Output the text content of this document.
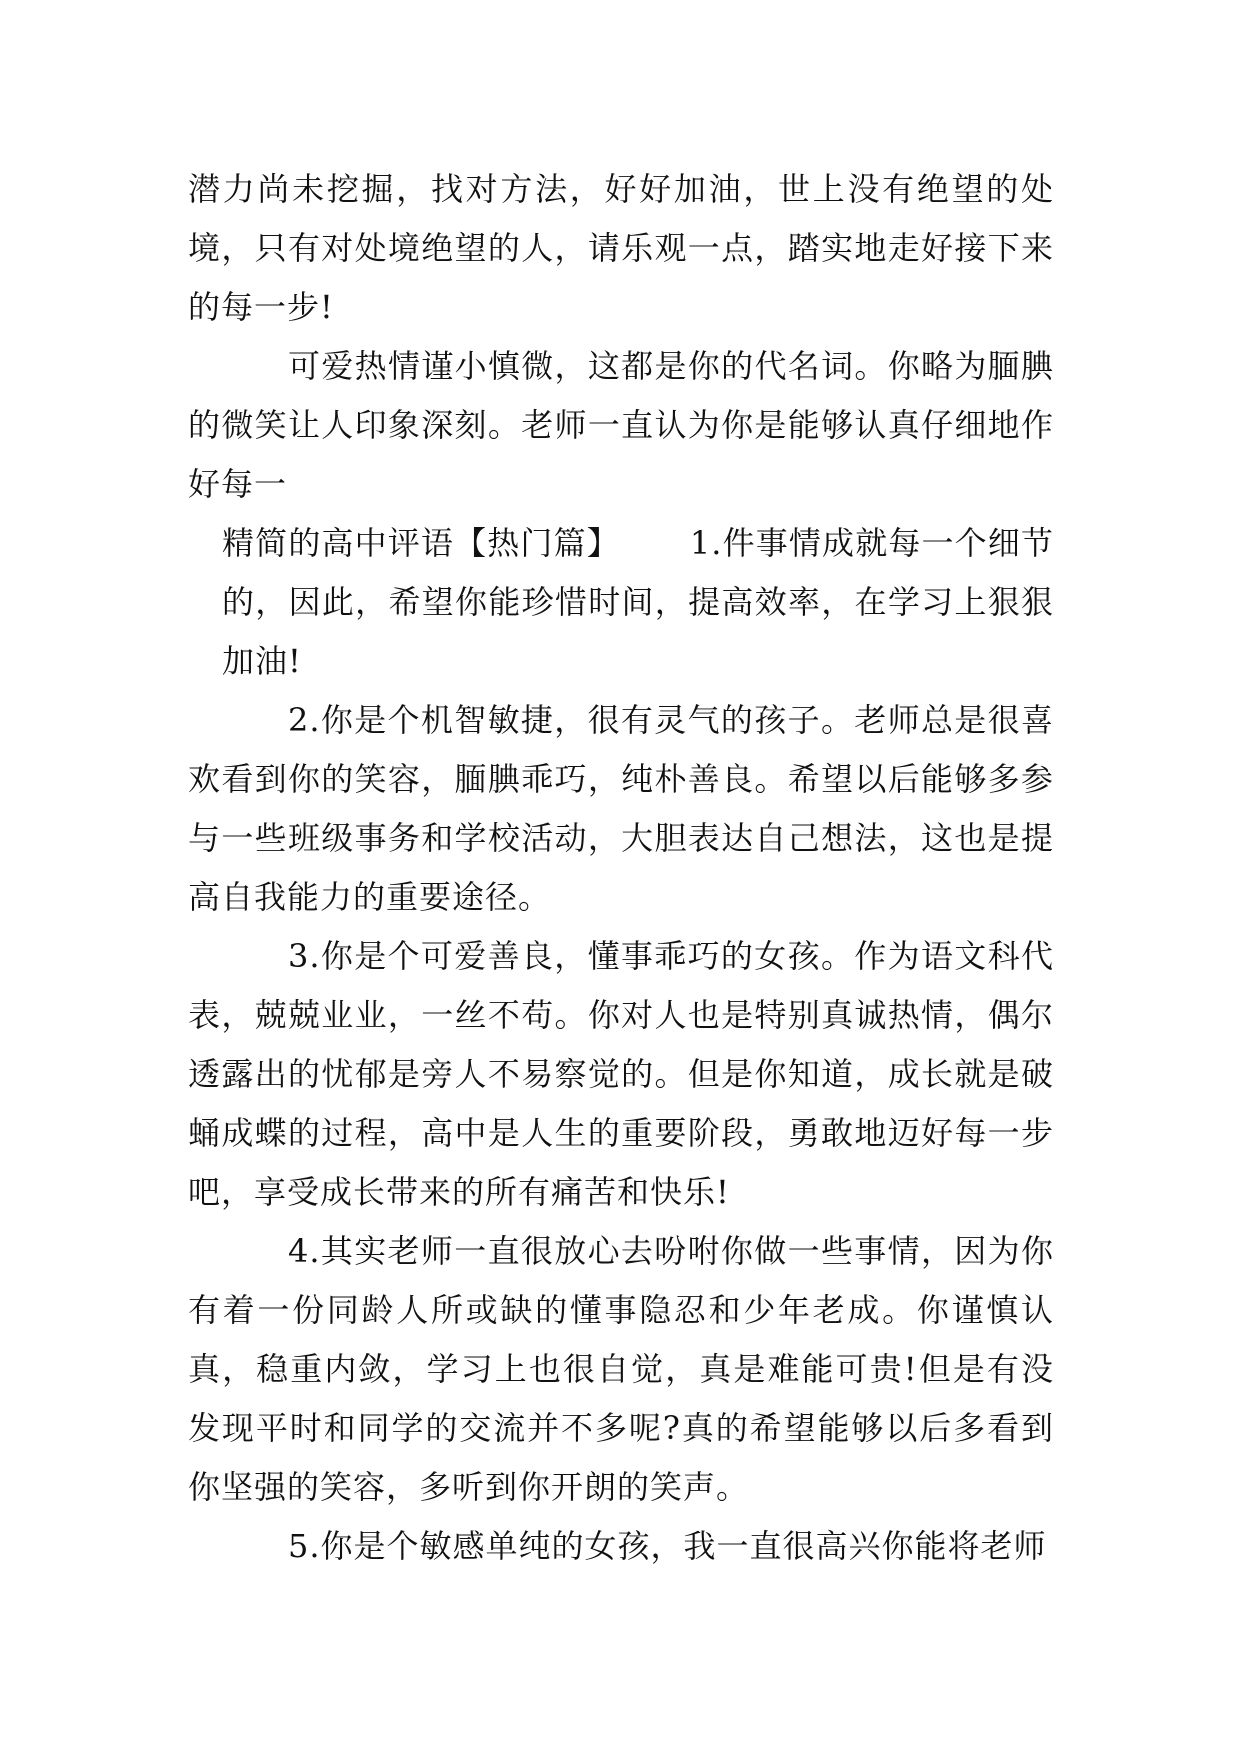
潜力尚未挖掘，找对方法，好好加油，世上没有绝望的处境，只有对处境绝望的人，请乐观一点，踏实地走好接下来的每一步!

可爱热情谨小慎微，这都是你的代名词。你略为腼腆的微笑让人印象深刻。老师一直认为你是能够认真仔细地作好每一

精简的高中评语【热门篇】 1.件事情成就每一个细节的，因此，希望你能珍惜时间，提高效率，在学习上狠狠加油!

2.你是个机智敏捷，很有灵气的孩子。老师总是很喜欢看到你的笑容，腼腆乖巧，纯朴善良。希望以后能够多参与一些班级事务和学校活动，大胆表达自己想法，这也是提高自我能力的重要途径。

3.你是个可爱善良，懂事乖巧的女孩。作为语文科代表，兢兢业业，一丝不苟。你对人也是特别真诚热情，偶尔透露出的忧郁是旁人不易察觉的。但是你知道，成长就是破蛹成蝶的过程，高中是人生的重要阶段，勇敢地迈好每一步吧，享受成长带来的所有痛苦和快乐!

4.其实老师一直很放心去吩咐你做一些事情，因为你有着一份同龄人所或缺的懂事隐忍和少年老成。你谨慎认真，稳重内敛，学习上也很自觉，真是难能可贵!但是有没发现平时和同学的交流并不多呢?真的希望能够以后多看到你坚强的笑容，多听到你开朗的笑声。

5.你是个敏感单纯的女孩，我一直很高兴你能将老师
